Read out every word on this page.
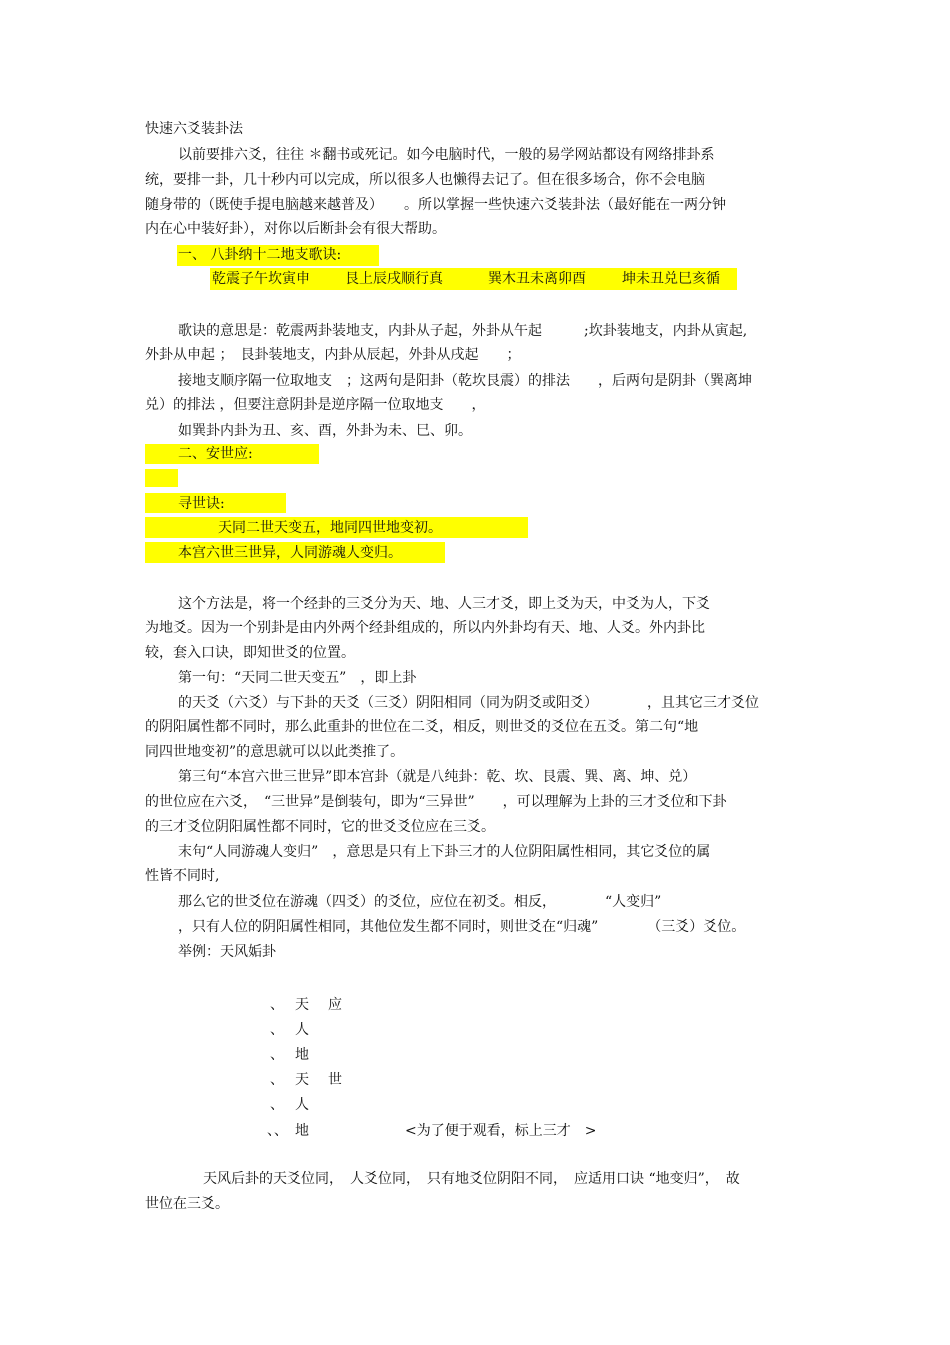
快速六爻装卦法
以前要排六爻，往往 ＊翻书或死记。如今电脑时代，一般的易学网站都设有网络排卦系
统，要排一卦，几十秒内可以完成，所以很多人也懒得去记了。但在很多场合，你不会电脑
随身带的（既使手提电脑越来越普及）　　。所以掌握一些快速六爻装卦法（最好能在一两分钟
内在心中装好卦），对你以后断卦会有很大帮助。
一、 八卦纳十二地支歌诀:
乾震子午坎寅申	艮上辰戌顺行真	巽木丑未离卯酉	坤未丑兑巳亥循
歌诀的意思是：乾震两卦装地支，内卦从子起，外卦从午起　　　;坎卦装地支，内卦从寅起,
外卦从申起 ；　艮卦装地支，内卦从辰起，外卦从戌起　　；
接地支顺序隔一位取地支　；这两句是阳卦（乾坎艮震）的排法　　，后两句是阴卦（巽离坤
兑）的排法 ，但要注意阴卦是逆序隔一位取地支　　，
如巽卦内卦为丑、亥、酉，外卦为未、巳、卯。
二、安世应:
寻世诀:
天同二世天变五，地同四世地变初。
本宫六世三世异，人同游魂人变归。
这个方法是，将一个经卦的三爻分为天、地、人三才爻，即上爻为天，中爻为人，下爻
为地爻。因为一个别卦是由内外两个经卦组成的，所以内外卦均有天、地、人爻。外内卦比
较，套入口诀，即知世爻的位置。
第一句：“天同二世天变五”　，即上卦
的天爻（六爻）与下卦的天爻（三爻）阴阳相同（同为阴爻或阳爻）　　　　，且其它三才爻位
的阴阳属性都不同时，那么此重卦的世位在二爻，相反，则世爻的爻位在五爻。第二句“地
同四世地变初”的意思就可以以此类推了。
第三句“本宫六世三世异”即本宫卦（就是八纯卦：乾、坎、艮震、巽、离、坤、兑）
的世位应在六爻，　“三世异”是倒装句，即为“三异世”　　，可以理解为上卦的三才爻位和下卦
的三才爻位阴阳属性都不同时，它的世爻爻位应在三爻。
末句“人同游魂人变归”　，意思是只有上下卦三才的人位阴阳属性相同，其它爻位的属
性皆不同时,
那么它的世爻位在游魂（四爻）的爻位，应位在初爻。相反，　　　　“人变归”
，只有人位的阴阳属性相同，其他位发生都不同时，则世爻在“归魂”　　　　（三爻）爻位。
举例：天风姤卦
、 天 应
、 人
、 地
、 天 世
、 人
、、 地	<为了便于观看，标上三才　>
天风后卦的天爻位同，　人爻位同，　只有地爻位阴阳不同，　应适用口诀 “地变归”，　故
世位在三爻。
